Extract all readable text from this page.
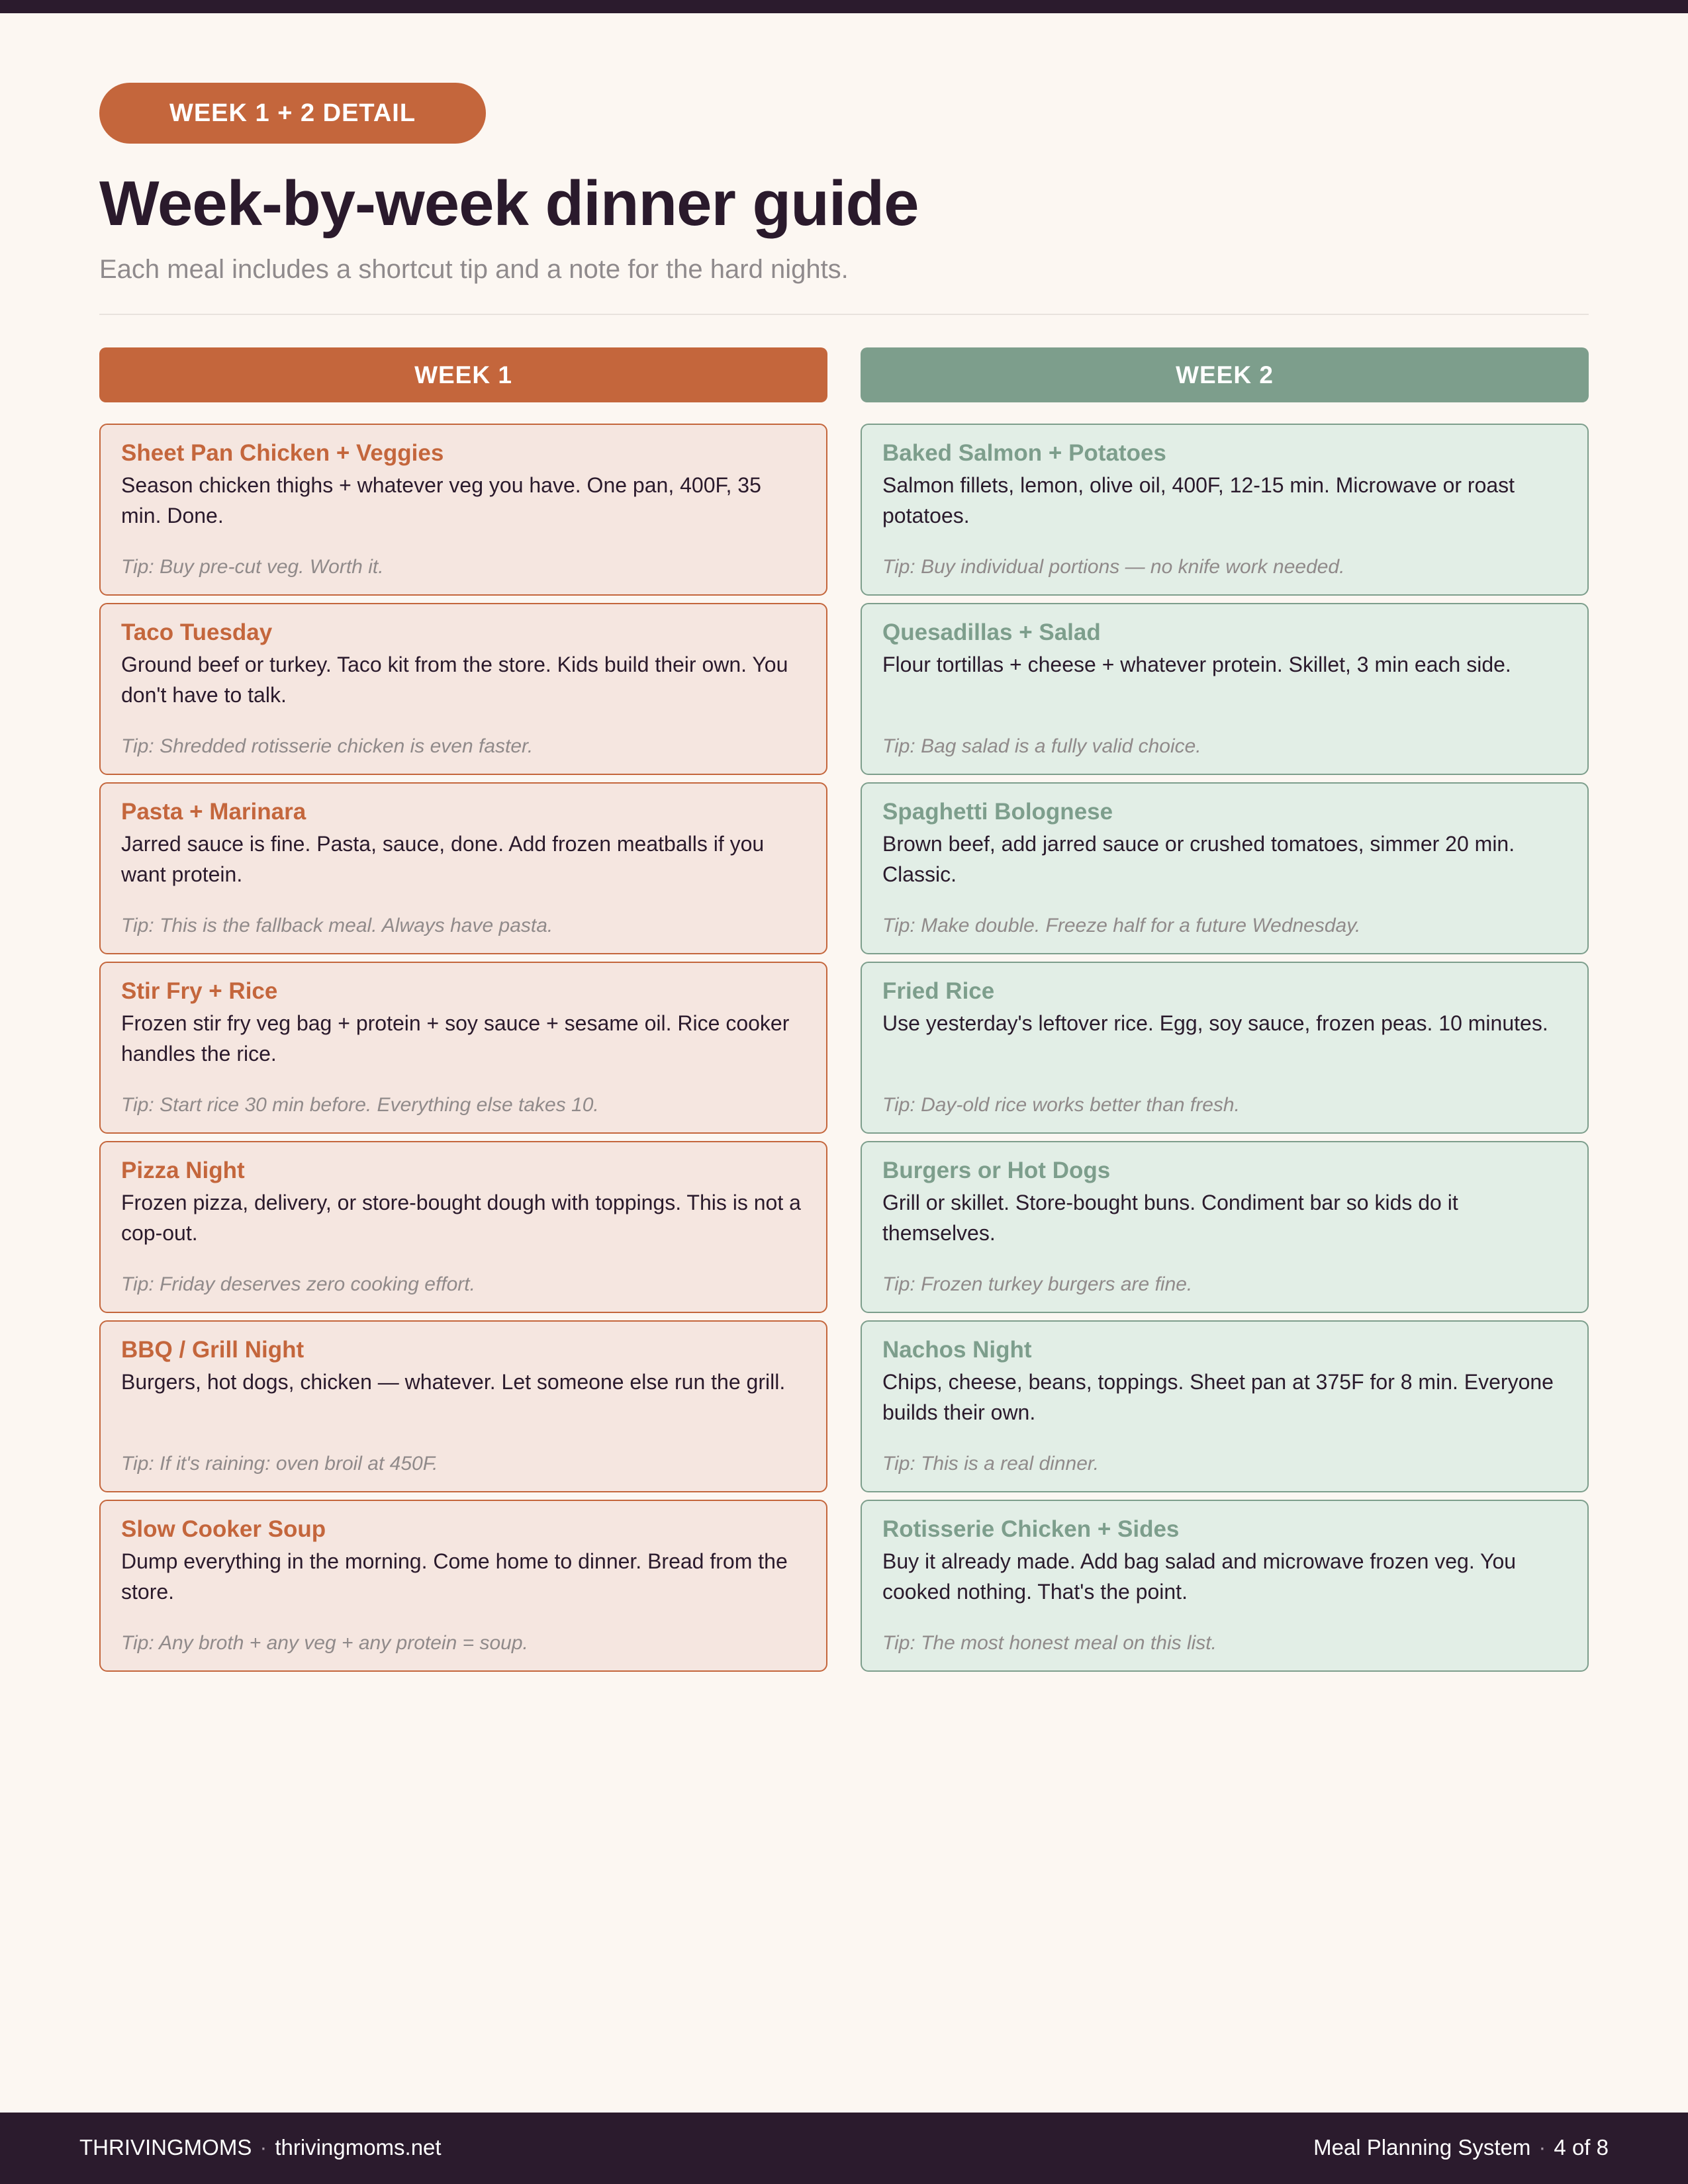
WEEK 1 + 2 DETAIL
Week-by-week dinner guide

Each meal includes a shortcut tip and a note for the hard nights.

WEEK 1	WEEK 2
Sheet Pan Chicken + Veggies
Season chicken thighs + whatever veg you have. One pan, 400F, 35 min. Done.
Tip: Buy pre-cut veg. Worth it.
Taco Tuesday
Ground beef or turkey. Taco kit from the store. Kids build their own. You don't have to talk.
Tip: Shredded rotisserie chicken is even faster.
Pasta + Marinara
Jarred sauce is fine. Pasta, sauce, done. Add frozen meatballs if you want protein.
Tip: This is the fallback meal. Always have pasta.
Stir Fry + Rice
Frozen stir fry veg bag + protein + soy sauce + sesame oil. Rice cooker handles the rice.
Tip: Start rice 30 min before. Everything else takes 10.
Pizza Night
Frozen pizza, delivery, or store-bought dough with toppings. This is not a cop-out.
Tip: Friday deserves zero cooking effort.
BBQ / Grill Night
Burgers, hot dogs, chicken — whatever. Let someone else run the grill.
Tip: If it's raining: oven broil at 450F.
Slow Cooker Soup
Dump everything in the morning. Come home to dinner. Bread from the store.
Tip: Any broth + any veg + any protein = soup.
Baked Salmon + Potatoes
Salmon fillets, lemon, olive oil, 400F, 12-15 min. Microwave or roast potatoes.
Tip: Buy individual portions — no knife work needed.
Quesadillas + Salad
Flour tortillas + cheese + whatever protein. Skillet, 3 min each side.
Tip: Bag salad is a fully valid choice.
Spaghetti Bolognese
Brown beef, add jarred sauce or crushed tomatoes, simmer 20 min. Classic.
Tip: Make double. Freeze half for a future Wednesday.
Fried Rice
Use yesterday's leftover rice. Egg, soy sauce, frozen peas. 10 minutes.
Tip: Day-old rice works better than fresh.
Burgers or Hot Dogs
Grill or skillet. Store-bought buns. Condiment bar so kids do it themselves.
Tip: Frozen turkey burgers are fine.
Nachos Night
Chips, cheese, beans, toppings. Sheet pan at 375F for 8 min. Everyone builds their own.
Tip: This is a real dinner.
Rotisserie Chicken + Sides
Buy it already made. Add bag salad and microwave frozen veg. You cooked nothing. That's the point.
Tip: The most honest meal on this list.
THRIVINGMOMS · thrivingmoms.net	Meal Planning System · 4 of 8
